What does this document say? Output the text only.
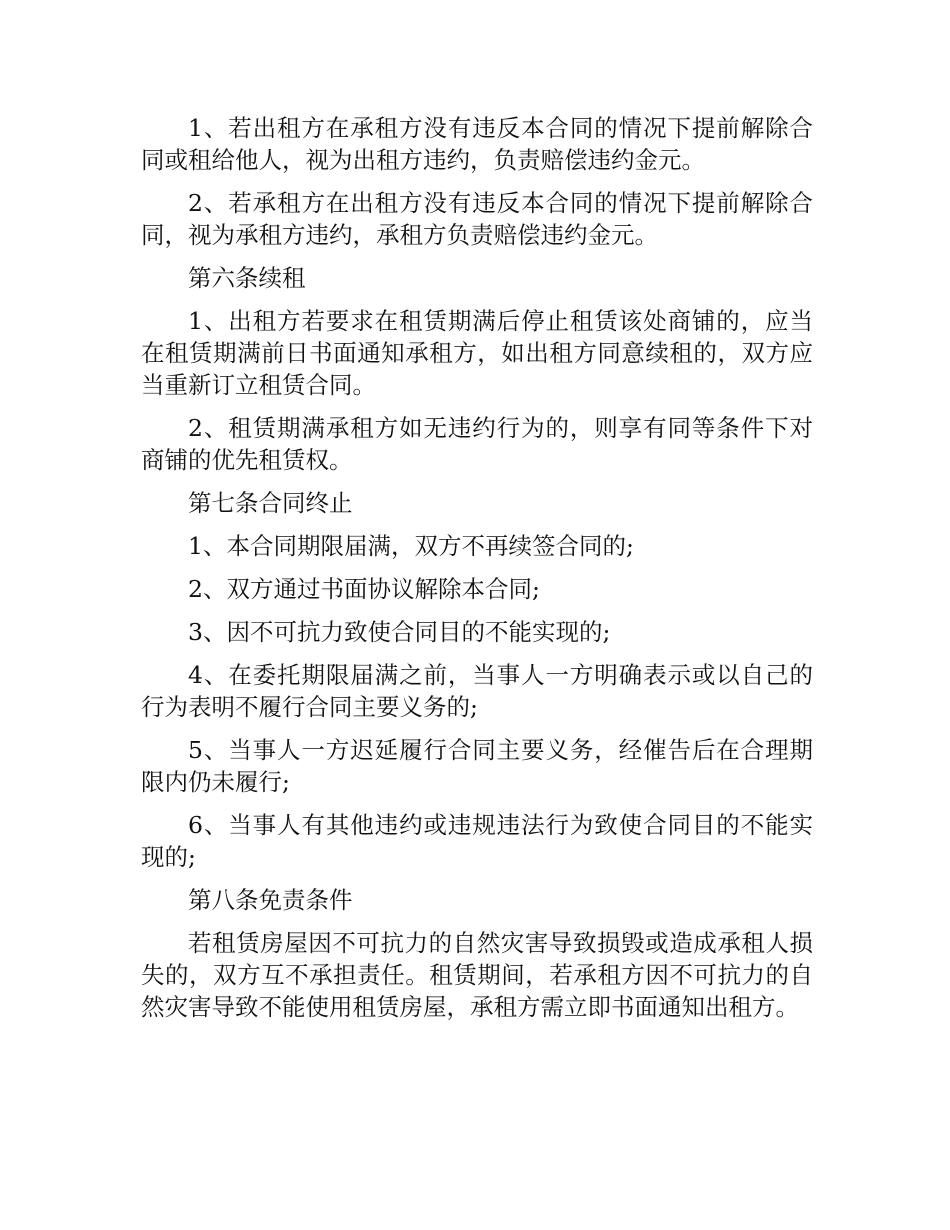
1、若出租方在承租方没有违反本合同的情况下提前解除合同或租给他人，视为出租方违约，负责赔偿违约金元。

2、若承租方在出租方没有违反本合同的情况下提前解除合同，视为承租方违约，承租方负责赔偿违约金元。

第六条续租

1、出租方若要求在租赁期满后停止租赁该处商铺的，应当在租赁期满前日书面通知承租方，如出租方同意续租的，双方应当重新订立租赁合同。

2、租赁期满承租方如无违约行为的，则享有同等条件下对商铺的优先租赁权。

第七条合同终止

1、本合同期限届满，双方不再续签合同的;

2、双方通过书面协议解除本合同;

3、因不可抗力致使合同目的不能实现的;

4、在委托期限届满之前，当事人一方明确表示或以自己的行为表明不履行合同主要义务的;

5、当事人一方迟延履行合同主要义务，经催告后在合理期限内仍未履行;

6、当事人有其他违约或违规违法行为致使合同目的不能实现的;

第八条免责条件

若租赁房屋因不可抗力的自然灾害导致损毁或造成承租人损失的，双方互不承担责任。租赁期间，若承租方因不可抗力的自然灾害导致不能使用租赁房屋，承租方需立即书面通知出租方。
